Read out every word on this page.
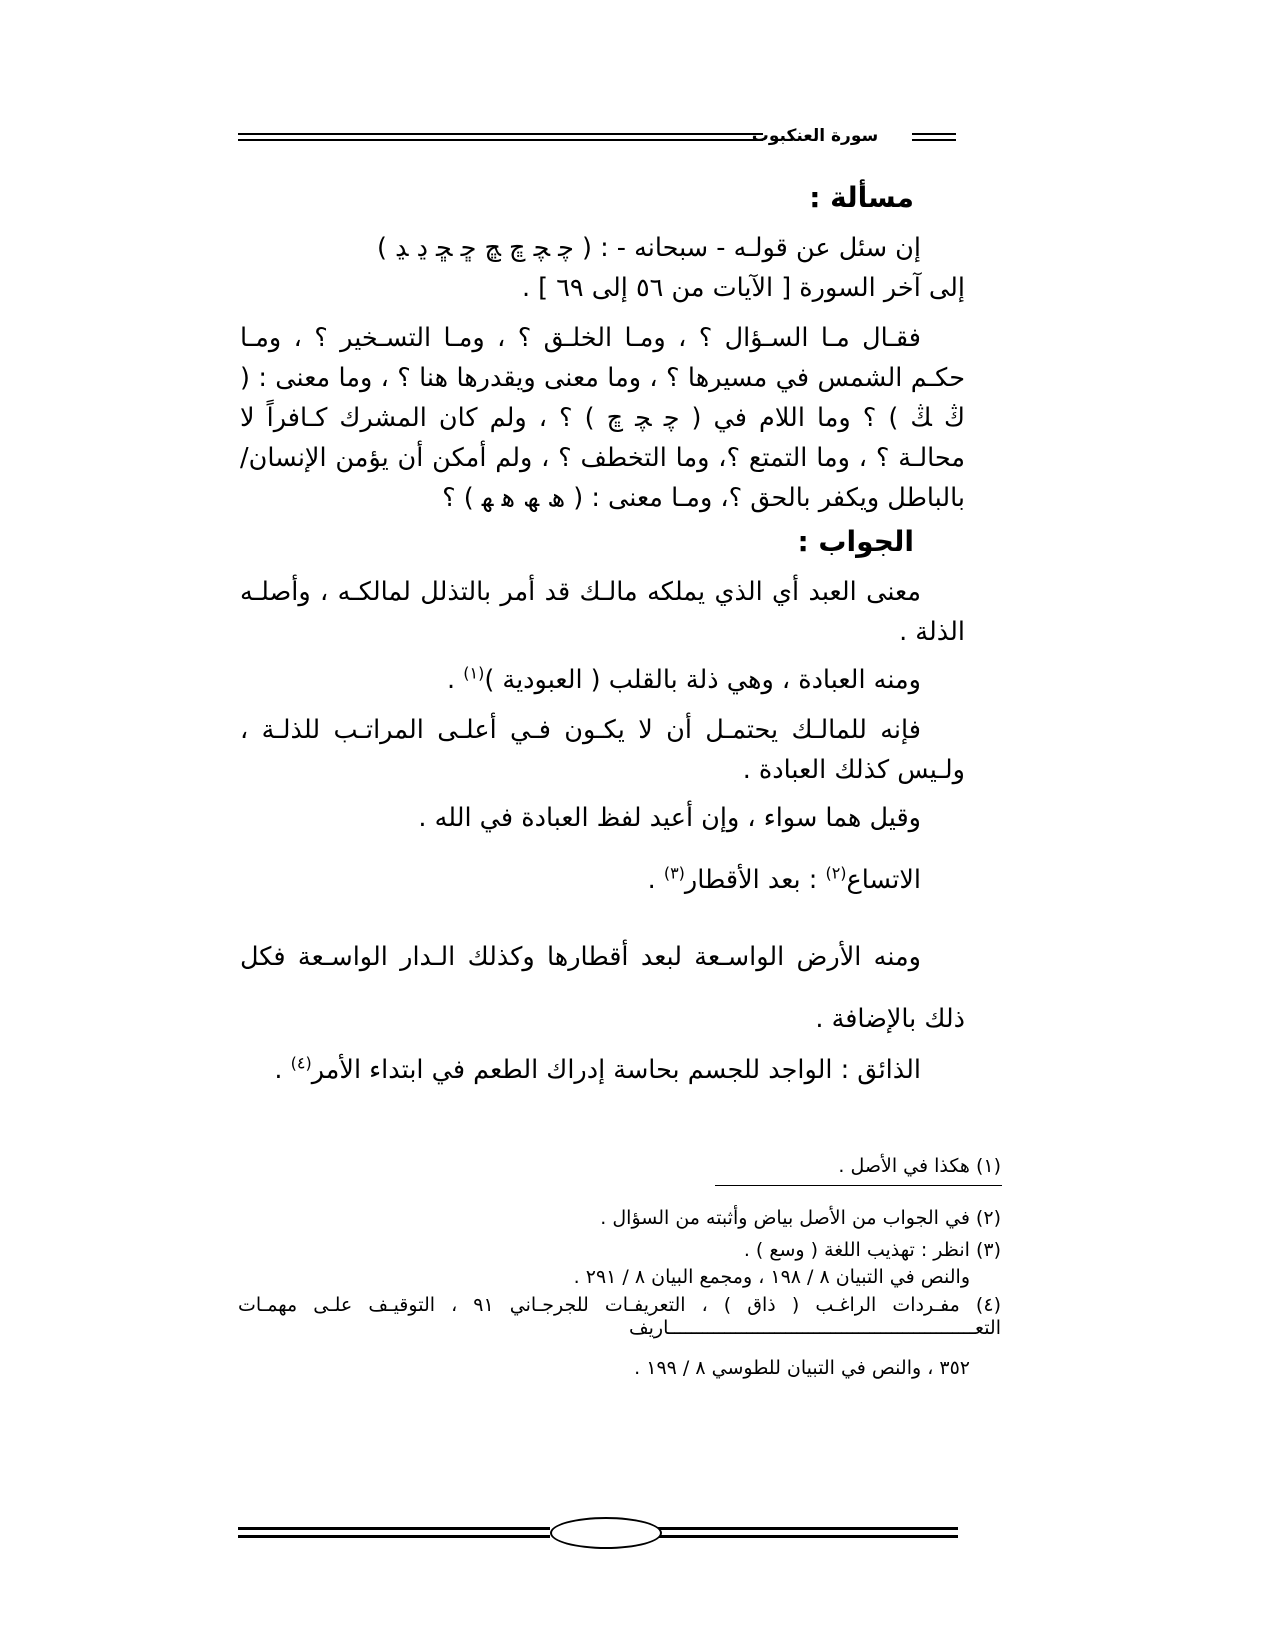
سورة العنكبوت
مسألة :
إن سئل عن قولـه - سبحانه - : ( ﭼ ﭽ ﭾ ﭿ ﮀ ﮁ ﮂ ﮃ )
إلى آخر السورة [ الآيات من ٥٦ إلى ٦٩ ] .
فقـال مـا السـؤال ؟ ، ومـا الخلـق ؟ ، ومـا التسـخير ؟ ، ومـا حكـم الشمس في مسيرها ؟ ، وما معنى ويقدرها هنا ؟ ، وما معنى : ( ﯓ ﯔ ) ؟ وما اللام في ( ﭼ ﭽ ﭾ ) ؟ ، ولم كان المشرك كـافراً لا محالـة ؟ ، وما التمتع ؟، وما التخطف ؟ ، ولم أمكن أن يؤمن الإنسان/ بالباطل ويكفر بالحق ؟، ومـا معنى : ( ﮪ ﮫ ﮬ ﮭ ) ؟
الجواب :
معنى العبد أي الذي يملكه مالـك قد أمر بالتذلل لمالكـه ، وأصلـه الذلة .
ومنه العبادة ، وهي ذلة بالقلب ( العبودية )$^{(١)}$ .
فإنه للمالـك يحتمـل أن لا يكـون فـي أعلـى المراتـب للذلـة ، ولـيس كذلك العبادة .
وقيل هما سواء ، وإن أعيد لفظ العبادة في الله .
الاتساع$^{(٢)}$ : بعد الأقطار$^{(٣)}$ .
ومنه الأرض الواسـعة لبعد أقطارها وكذلك الـدار الواسـعة فكل ذلك بالإضافة .
الذائق : الواجد للجسم بحاسة إدراك الطعم في ابتداء الأمر$^{(٤)}$ .
(١) هكذا في الأصل .
(٢) في الجواب من الأصل بياض وأثبته من السؤال .
(٣) انظر : تهذيب اللغة ( وسع ) .
والنص في التبيان ٨ / ١٩٨ ، ومجمع البيان ٨ / ٢٩١ .
(٤) مفـردات الراغـب ( ذاق ) ، التعريفـات للجرجـاني ٩١ ، التوقيـف علـى مهمـات التعـــــــــــــــــــــــــــــــــــــــــــــــــــــــاريف
٣٥٢ ، والنص في التبيان للطوسي ٨ / ١٩٩ .
